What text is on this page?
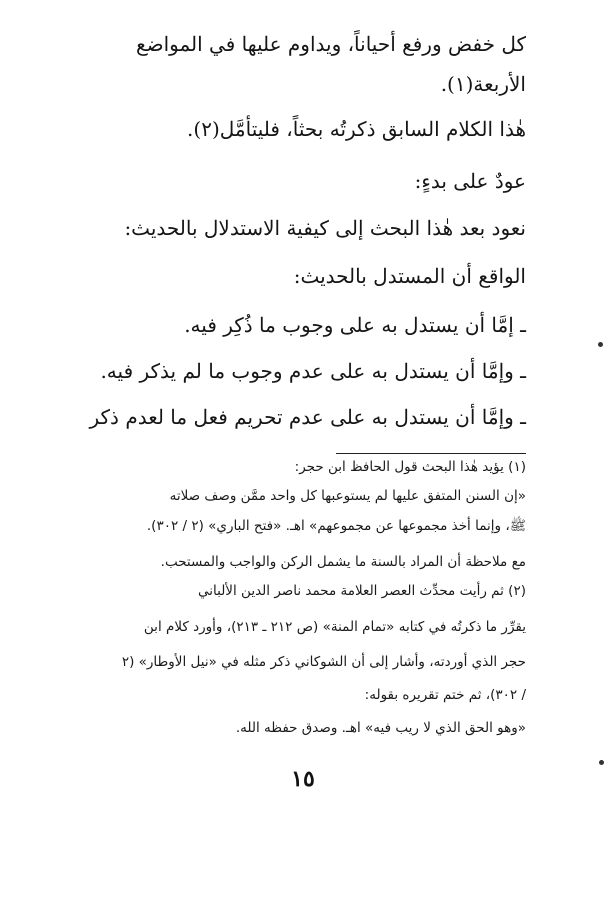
كل خفض ورفع أحياناً، ويداوم عليها في المواضع
الأربعة(١).
هٰذا الكلام السابق ذكرتُه بحثاً، فليتأمَّل(٢).
عودٌ على بدءٍ:
نعود بعد هٰذا البحث إلى كيفية الاستدلال بالحديث:
الواقع أن المستدل بالحديث:
ـ إمَّا أن يستدل به على وجوب ما ذُكِر فيه.
ـ وإمَّا أن يستدل به على عدم وجوب ما لم يذكر فيه.
ـ وإمَّا أن يستدل به على عدم تحريم فعل ما لعدم ذكر
(١) يؤيد هٰذا البحث قول الحافظ ابن حجر:
«إن السنن المتفق عليها لم يستوعبها كل واحد ممَّن وصف صلاته
ﷺ، وإنما أخذ مجموعها عن مجموعهم» اهـ. «فتح الباري» (٢ / ٣٠٢).
مع ملاحظة أن المراد بالسنة ما يشمل الركن والواجب والمستحب.
(٢) ثم رأيت محدِّث العصر العلامة محمد ناصر الدين الألباني
يقرِّر ما ذكرتُه في كتابه «تمام المنة» (ص ٢١٢ ـ ٢١٣)، وأورد كلام ابن
حجر الذي أوردته، وأشار إلى أن الشوكاني ذكر مثله في «نيل الأوطار» (٢
/ ٣٠٢)، ثم ختم تقريره بقوله:
«وهو الحق الذي لا ريب فيه» اهـ. وصدق حفظه الله.
١٥
